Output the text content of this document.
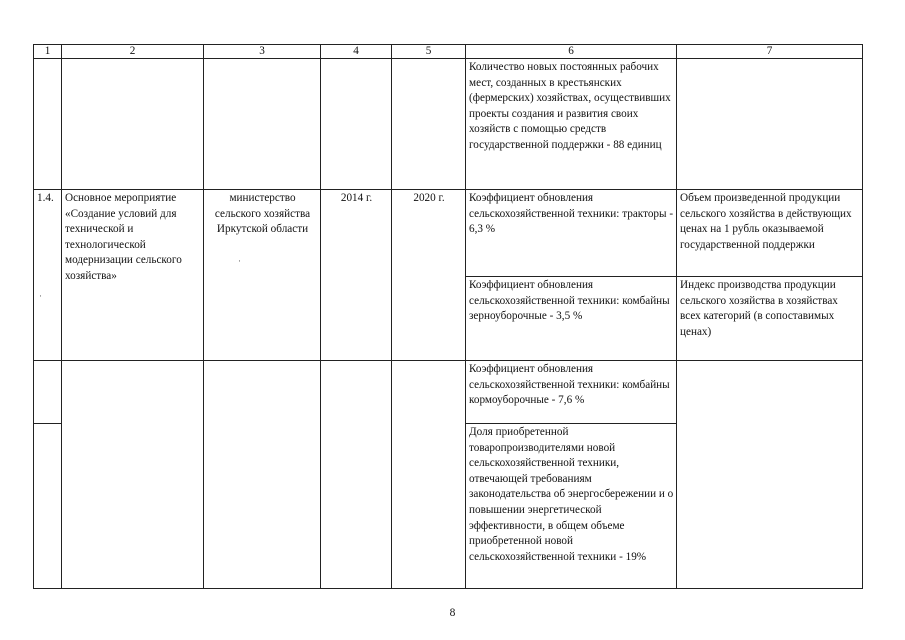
1	2	3	4	5	6	7
					Количество новых постоянных рабочих мест, созданных в крестьянских (фермерских) хозяйствах, осуществивших проекты создания и развития своих хозяйств с помощью средств государственной поддержки - 88 единиц	
1.4.	Основное мероприятие «Создание условий для технической и технологической модернизации сельского хозяйства»	министерство сельского хозяйства Иркутской области	2014 г.	2020 г.	Коэффициент обновления сельскохозяйственной техники: тракторы - 6,3 %	Объем произведенной продукции сельского хозяйства в действующих ценах на 1 рубль оказываемой государственной поддержки
					Коэффициент обновления сельскохозяйственной техники: комбайны зерноуборочные - 3,5 %	Индекс производства продукции сельского хозяйства в хозяйствах всех категорий (в сопоставимых ценах)
					Коэффициент обновления сельскохозяйственной техники: комбайны кормоуборочные - 7,6 %	
					Доля приобретенной товаропроизводителями новой сельскохозяйственной техники, отвечающей требованиям законодательства об энергосбережении и о повышении энергетической эффективности, в общем объеме приобретенной новой сельскохозяйственной техники - 19%	
8
·
·
